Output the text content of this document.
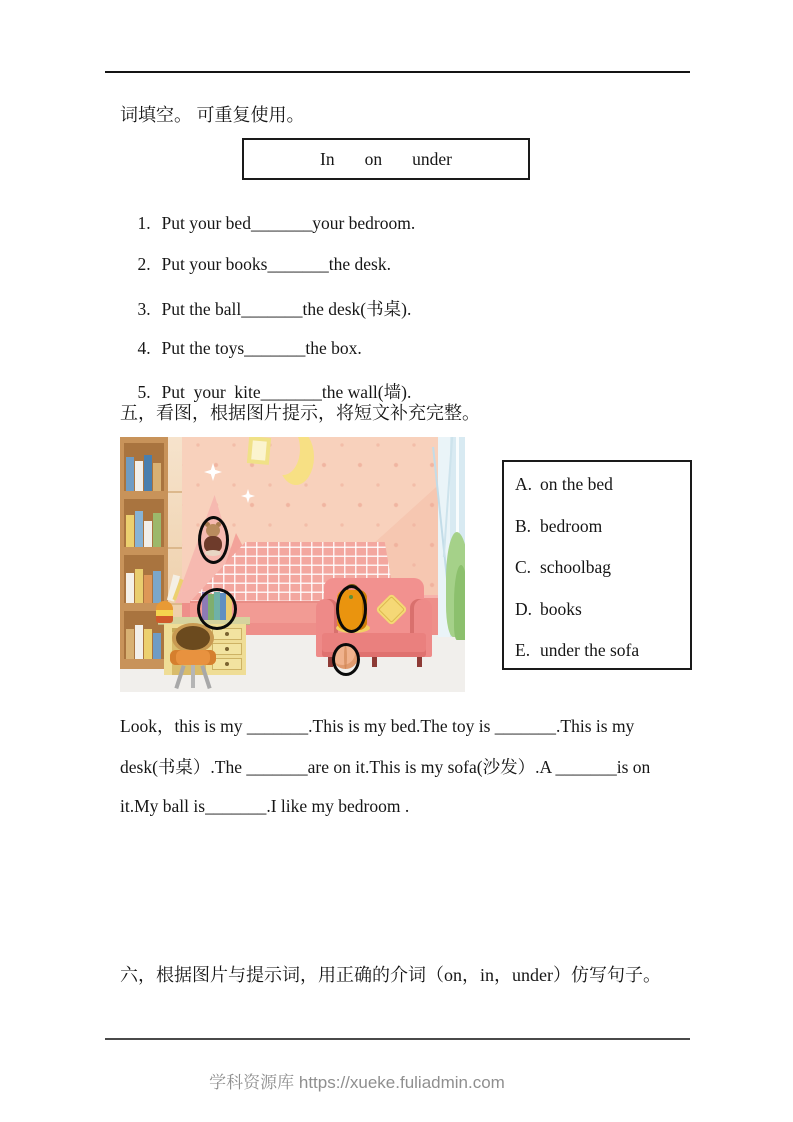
词填空。 可重复使用。
In on under

1. Put your bed_______your bedroom.

2. Put your books_______the desk.

3. Put the ball_______the desk(书桌).

4. Put the toys_______the box.

5. Put  your  kite_______the wall(墙).

五，看图，根据图片提示，将短文补充完整。
A. on the bed
B. bedroom
C. schoolbag
D. books
E. under the sofa
Look，this is my _______.This is my bed.The toy is _______.This is my
desk(书桌）.The _______are on it.This is my sofa(沙发）.A _______is on
it.My ball is_______.I like my bedroom .
六，根据图片与提示词，用正确的介词（on，in，under）仿写句子。
学科资源库 https://xueke.fuliadmin.com
